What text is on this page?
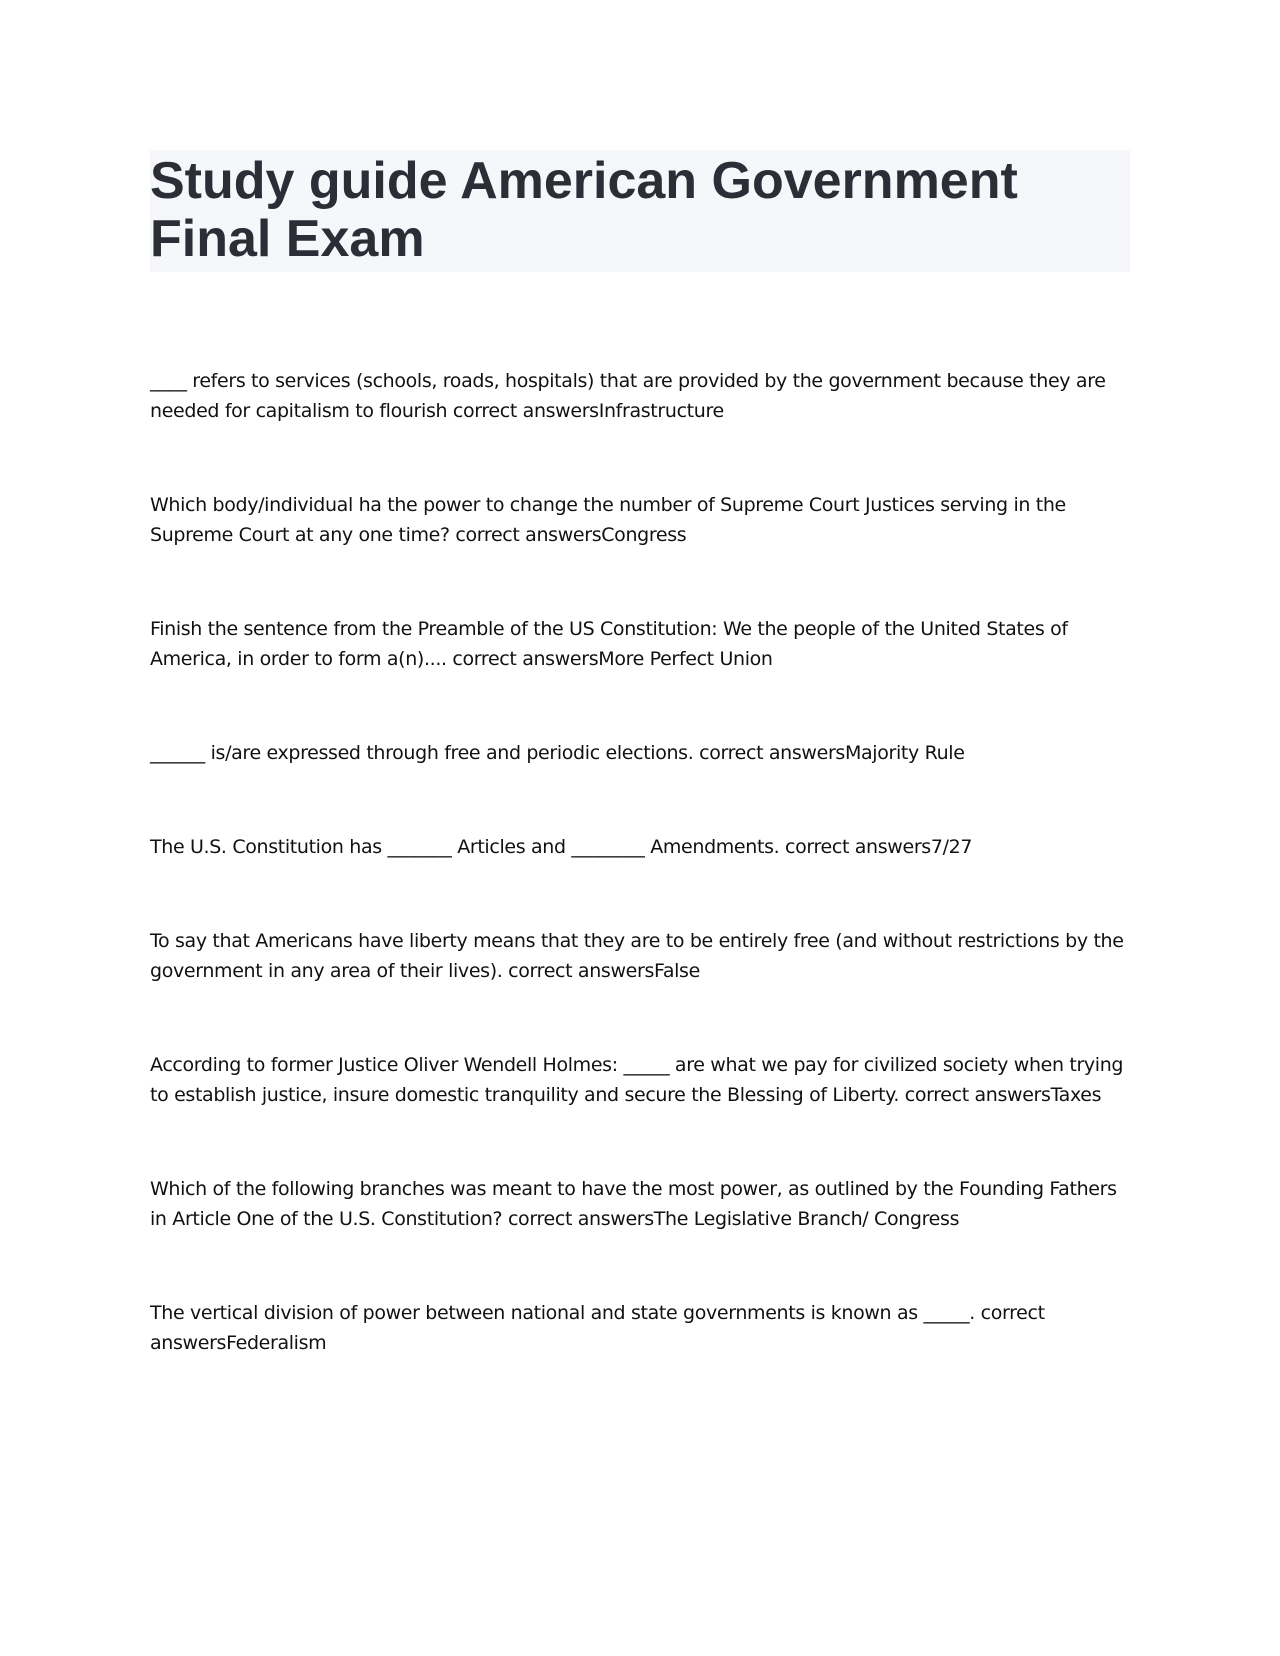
Study guide American Government Final Exam

____ refers to services (schools, roads, hospitals) that are provided by the government because they are needed for capitalism to flourish correct answersInfrastructure

Which body/individual ha the power to change the number of Supreme Court Justices serving in the Supreme Court at any one time? correct answersCongress

Finish the sentence from the Preamble of the US Constitution: We the people of the United States of America, in order to form a(n).... correct answersMore Perfect Union

______ is/are expressed through free and periodic elections. correct answersMajority Rule

The U.S. Constitution has _______ Articles and ________ Amendments. correct answers7/27

To say that Americans have liberty means that they are to be entirely free (and without restrictions by the government in any area of their lives). correct answersFalse

According to former Justice Oliver Wendell Holmes: _____ are what we pay for civilized society when trying to establish justice, insure domestic tranquility and secure the Blessing of Liberty. correct answersTaxes

Which of the following branches was meant to have the most power, as outlined by the Founding Fathers in Article One of the U.S. Constitution? correct answersThe Legislative Branch/ Congress

The vertical division of power between national and state governments is known as _____. correct answersFederalism
